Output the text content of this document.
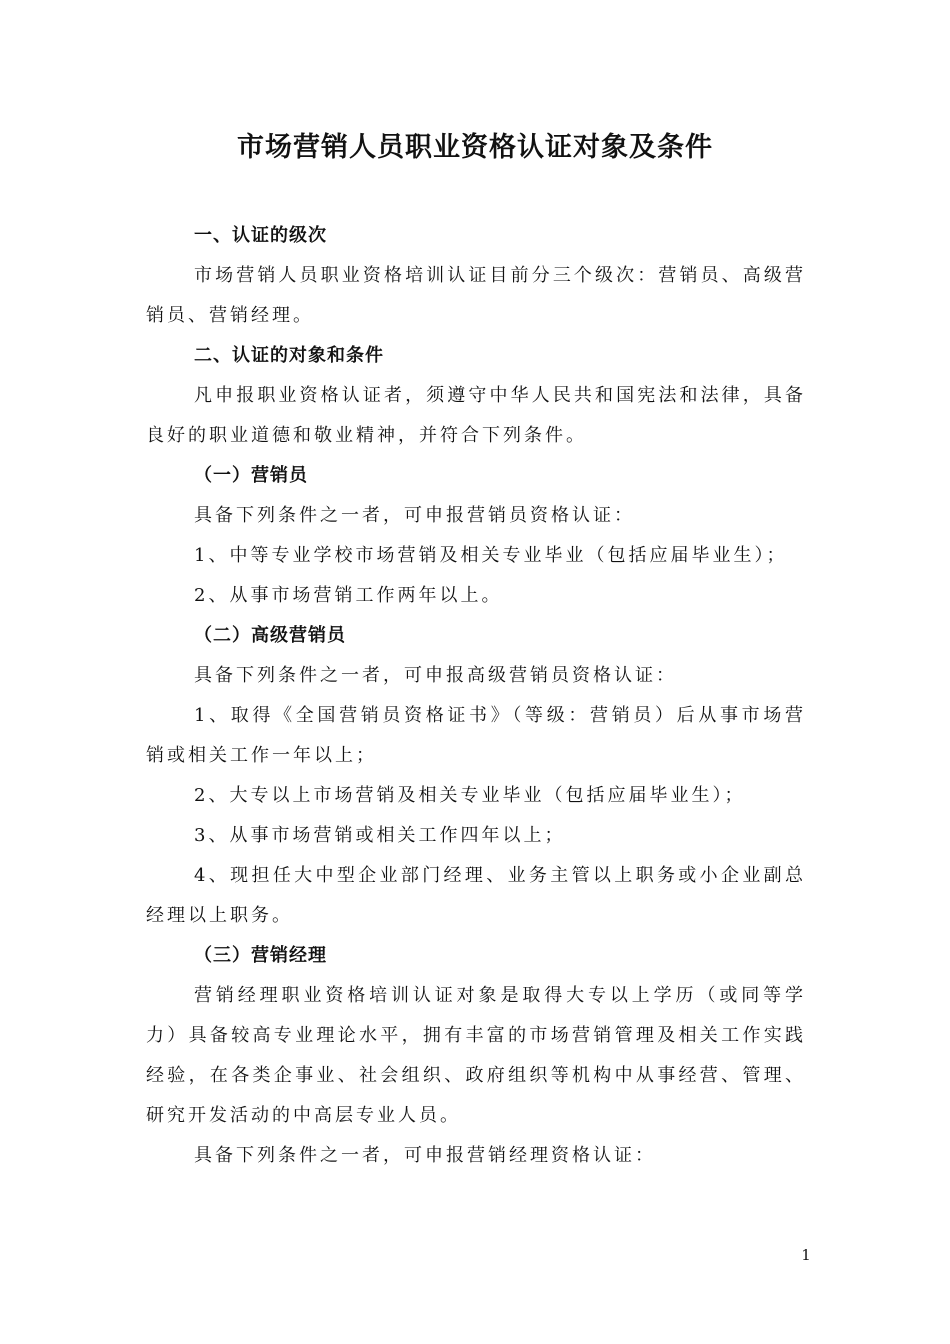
市场营销人员职业资格认证对象及条件

一、认证的级次

市场营销人员职业资格培训认证目前分三个级次：营销员、高级营销员、营销经理。

二、认证的对象和条件

凡申报职业资格认证者，须遵守中华人民共和国宪法和法律，具备良好的职业道德和敬业精神，并符合下列条件。

（一）营销员

具备下列条件之一者，可申报营销员资格认证：

1、中等专业学校市场营销及相关专业毕业（包括应届毕业生）；

2、从事市场营销工作两年以上。

（二）高级营销员

具备下列条件之一者，可申报高级营销员资格认证：

1、取得《全国营销员资格证书》（等级：营销员）后从事市场营销或相关工作一年以上；

2、大专以上市场营销及相关专业毕业（包括应届毕业生）；

3、从事市场营销或相关工作四年以上；

4、现担任大中型企业部门经理、业务主管以上职务或小企业副总经理以上职务。

（三）营销经理

营销经理职业资格培训认证对象是取得大专以上学历（或同等学力）具备较高专业理论水平，拥有丰富的市场营销管理及相关工作实践经验，在各类企事业、社会组织、政府组织等机构中从事经营、管理、研究开发活动的中高层专业人员。

具备下列条件之一者，可申报营销经理资格认证：

1
